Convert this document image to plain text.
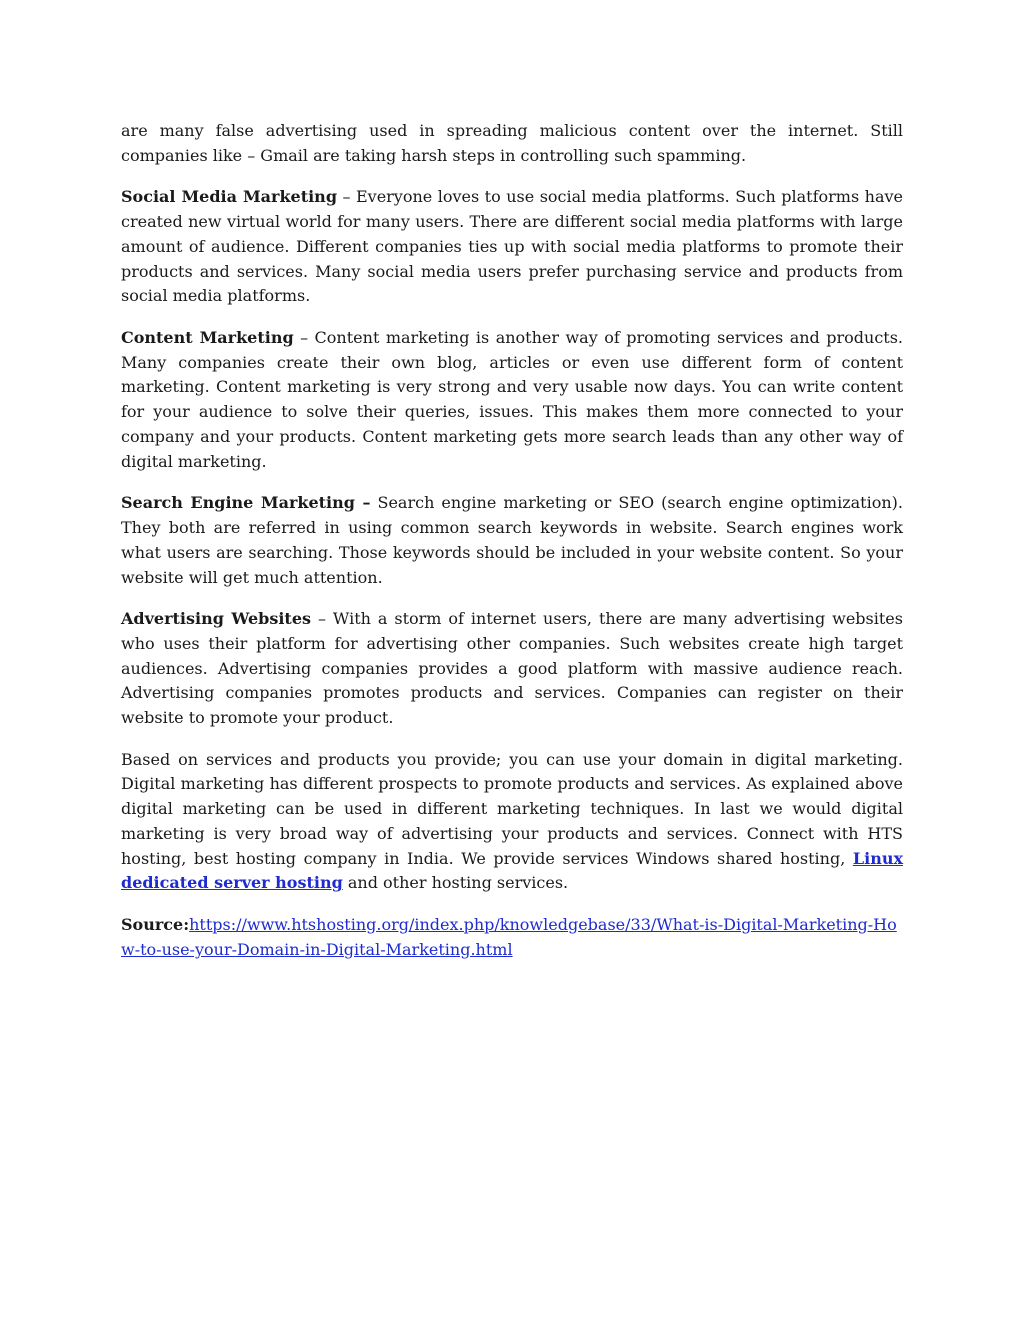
are many false advertising used in spreading malicious content over the internet. Still companies like – Gmail are taking harsh steps in controlling such spamming.

Social Media Marketing – Everyone loves to use social media platforms. Such platforms have created new virtual world for many users. There are different social media platforms with large amount of audience. Different companies ties up with social media platforms to promote their products and services. Many social media users prefer purchasing service and products from social media platforms.

Content Marketing – Content marketing is another way of promoting services and products. Many companies create their own blog, articles or even use different form of content marketing. Content marketing is very strong and very usable now days. You can write content for your audience to solve their queries, issues. This makes them more connected to your company and your products. Content marketing gets more search leads than any other way of digital marketing.

Search Engine Marketing – Search engine marketing or SEO (search engine optimization). They both are referred in using common search keywords in website. Search engines work what users are searching. Those keywords should be included in your website content. So your website will get much attention.

Advertising Websites – With a storm of internet users, there are many advertising websites who uses their platform for advertising other companies. Such websites create high target audiences. Advertising companies provides a good platform with massive audience reach. Advertising companies promotes products and services. Companies can register on their website to promote your product.

Based on services and products you provide; you can use your domain in digital marketing. Digital marketing has different prospects to promote products and services. As explained above digital marketing can be used in different marketing techniques. In last we would digital marketing is very broad way of advertising your products and services. Connect with HTS hosting, best hosting company in India. We provide services Windows shared hosting, Linux dedicated server hosting and other hosting services.

Source:https://www.htshosting.org/index.php/knowledgebase/33/What-is-Digital-Marketing-How-to-use-your-Domain-in-Digital-Marketing.html
